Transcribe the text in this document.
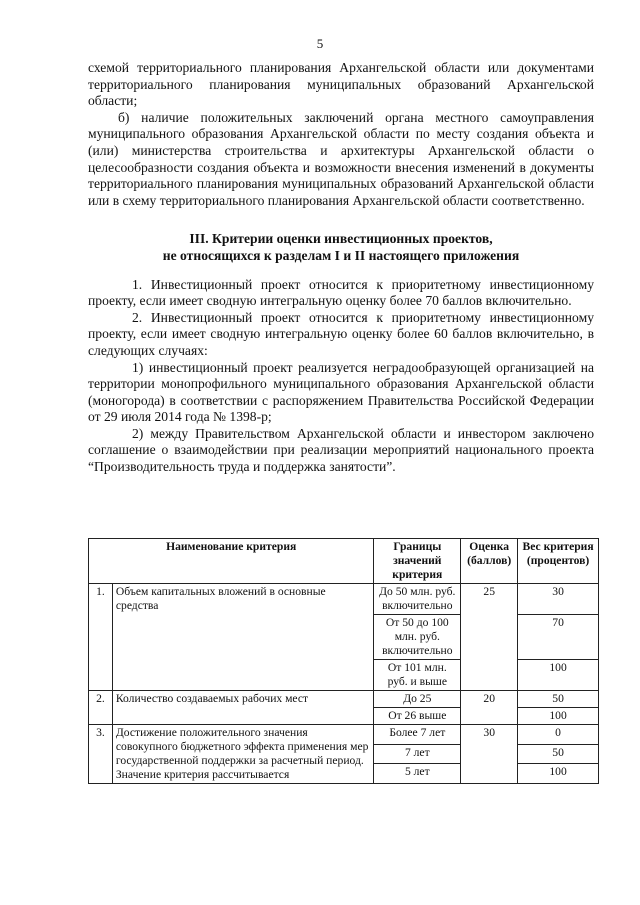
5

схемой территориального планирования Архангельской области или документами территориального планирования муниципальных образований Архангельской области;

б) наличие положительных заключений органа местного самоуправления муниципального образования Архангельской области по месту создания объекта и (или) министерства строительства и архитектуры Архангельской области о целесообразности создания объекта и возможности внесения изменений в документы территориального планирования муниципальных образований Архангельской области или в схему территориального планирования Архангельской области соответственно.

III. Критерии оценки инвестиционных проектов,
не относящихся к разделам I и II настоящего приложения

1. Инвестиционный проект относится к приоритетному инвестиционному проекту, если имеет сводную интегральную оценку более 70 баллов включительно.

2. Инвестиционный проект относится к приоритетному инвестиционному проекту, если имеет сводную интегральную оценку более 60 баллов включительно, в следующих случаях:

1) инвестиционный проект реализуется неградообразующей организацией на территории монопрофильного муниципального образования Архангельской области (моногорода) в соответствии с распоряжением Правительства Российской Федерации от 29 июля 2014 года № 1398-р;

2) между Правительством Архангельской области и инвестором заключено соглашение о взаимодействии при реализации мероприятий национального проекта “Производительность труда и поддержка занятости”.

Наименование критерия		Границы значений критерия	Оценка (баллов)	Вес критерия (процентов)
1.	Объем капитальных вложений в основные средства	До 50 млн. руб. включительно	25	30
		От 50 до 100 млн. руб. включительно		70
		От 101 млн. руб. и выше		100
2.	Количество создаваемых рабочих мест	До 25	20	50
		От 26 выше		100
3.	Достижение положительного значения совокупного бюджетного эффекта применения мер государственной поддержки за расчетный период. Значение критерия рассчитывается	Более 7 лет	30	0
		7 лет		50
		5 лет		100
